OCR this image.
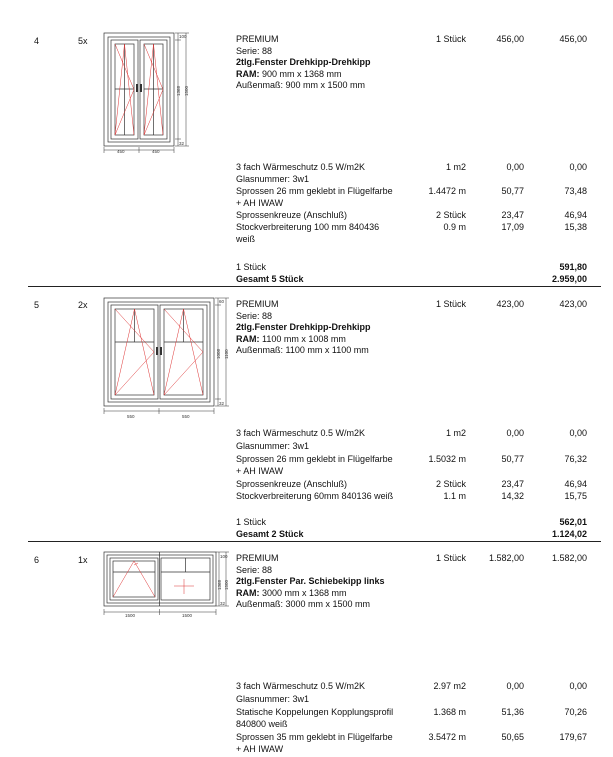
4	5x	100
1368 1500
32
450	450
PREMIUM
Serie: 88
2tlg.Fenster Drehkipp-Drehkipp
RAM: 900 mm x 1368 mm
Außenmaß: 900 mm x 1500 mm
1 Stück	456,00	456,00
3 fach Wärmeschutz 0.5 W/m2K	1 m2	0,00	0,00
Glasnummer: 3w1
Sprossen 26 mm geklebt in Flügelfarbe	1.4472 m	50,77	73,48
+ AH IWAW
Sprossenkreuze (Anschluß)	2 Stück	23,47	46,94
Stockverbreiterung 100 mm 840436	0.9 m	17,09	15,38
weiß
1 Stück	591,80
Gesamt 5 Stück	2.959,00
5	2x	60
1008 1100
32
550	550
PREMIUM
Serie: 88
2tlg.Fenster Drehkipp-Drehkipp
RAM: 1100 mm x 1008 mm
Außenmaß: 1100 mm x 1100 mm
1 Stück	423,00	423,00
3 fach Wärmeschutz 0.5 W/m2K	1 m2	0,00	0,00
Glasnummer: 3w1
Sprossen 26 mm geklebt in Flügelfarbe	1.5032 m	50,77	76,32
+ AH IWAW
Sprossenkreuze (Anschluß)	2 Stück	23,47	46,94
Stockverbreiterung 60mm 840136 weiß	1.1 m	14,32	15,75
1 Stück	562,01
Gesamt 2 Stück	1.124,02
6	1x	100
1368 1500
32
1500	1500
PREMIUM
Serie: 88
2tlg.Fenster Par. Schiebekipp links
RAM: 3000 mm x 1368 mm
Außenmaß: 3000 mm x 1500 mm
1 Stück	1.582,00	1.582,00
3 fach Wärmeschutz 0.5 W/m2K	2.97 m2	0,00	0,00
Glasnummer: 3w1
Statische Koppelungen Kopplungsprofil	1.368 m	51,36	70,26
840800 weiß
Sprossen 35 mm geklebt in Flügelfarbe	3.5472 m	50,65	179,67
+ AH IWAW
